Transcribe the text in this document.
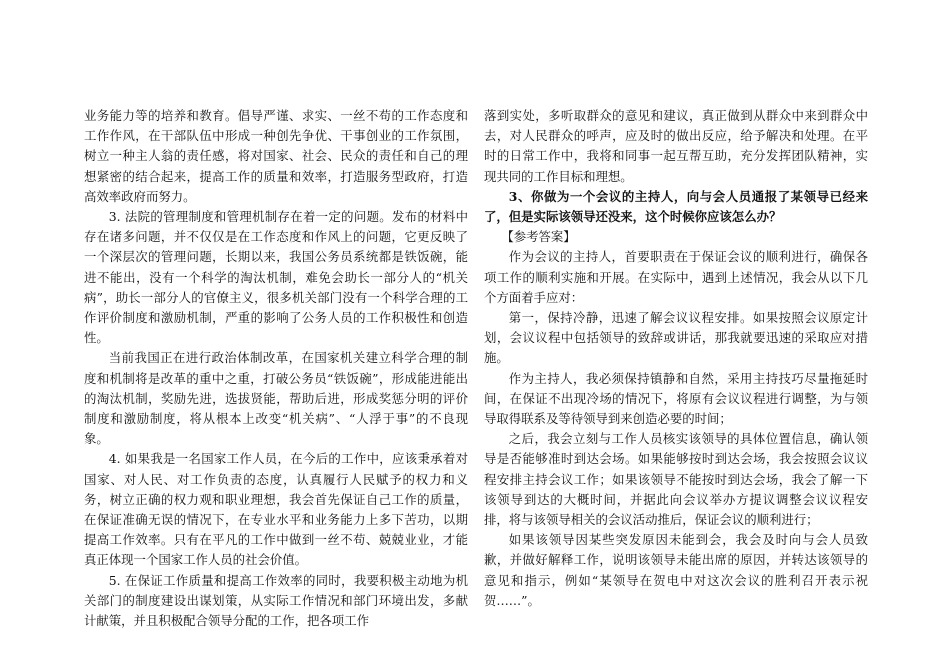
业务能力等的培养和教育。倡导严谨、求实、一丝不苟的工作态度和工作作风，在干部队伍中形成一种创先争优、干事创业的工作氛围，树立一种主人翁的责任感，将对国家、社会、民众的责任和自己的理想紧密的结合起来，提高工作的质量和效率，打造服务型政府，打造高效率政府而努力。

3. 法院的管理制度和管理机制存在着一定的问题。发布的材料中存在诸多问题，并不仅仅是在工作态度和作风上的问题，它更反映了一个深层次的管理问题，长期以来，我国公务员系统都是铁饭碗，能进不能出，没有一个科学的淘汰机制，难免会助长一部分人的“机关病”，助长一部分人的官僚主义，很多机关部门没有一个科学合理的工作评价制度和激励机制，严重的影响了公务人员的工作积极性和创造性。

当前我国正在进行政治体制改革，在国家机关建立科学合理的制度和机制将是改革的重中之重，打破公务员“铁饭碗”，形成能进能出的淘汰机制，奖励先进，选拔贤能，帮助后进，形成奖惩分明的评价制度和激励制度，将从根本上改变“机关病”、“人浮于事”的不良现象。

4. 如果我是一名国家工作人员，在今后的工作中，应该秉承着对国家、对人民、对工作负责的态度，认真履行人民赋予的权力和义务，树立正确的权力观和职业理想，我会首先保证自己工作的质量，在保证准确无误的情况下，在专业水平和业务能力上多下苦功，以期提高工作效率。只有在平凡的工作中做到一丝不苟、兢兢业业，才能真正体现一个国家工作人员的社会价值。

5. 在保证工作质量和提高工作效率的同时，我要积极主动地为机关部门的制度建设出谋划策，从实际工作情况和部门环境出发，多献计献策，并且积极配合领导分配的工作，把各项工作

落到实处，多听取群众的意见和建议，真正做到从群众中来到群众中去，对人民群众的呼声，应及时的做出反应，给予解决和处理。在平时的日常工作中，我将和同事一起互帮互助，充分发挥团队精神，实现共同的工作目标和理想。

3、你做为一个会议的主持人，向与会人员通报了某领导已经来了，但是实际该领导还没来，这个时候你应该怎么办？

【参考答案】

作为会议的主持人，首要职责在于保证会议的顺利进行，确保各项工作的顺利实施和开展。在实际中，遇到上述情况，我会从以下几个方面着手应对：

第一，保持冷静，迅速了解会议议程安排。如果按照会议原定计划，会议议程中包括领导的致辞或讲话，那我就要迅速的采取应对措施。

作为主持人，我必须保持镇静和自然，采用主持技巧尽量拖延时间，在保证不出现冷场的情况下，将原有会议议程进行调整，为与领导取得联系及等待领导到来创造必要的时间；

之后，我会立刻与工作人员核实该领导的具体位置信息，确认领导是否能够准时到达会场。如果能够按时到达会场，我会按照会议议程安排主持会议工作；如果该领导不能按时到达会场，我会了解一下该领导到达的大概时间，并据此向会议举办方提议调整会议议程安排，将与该领导相关的会议活动推后，保证会议的顺利进行；

如果该领导因某些突发原因未能到会，我会及时向与会人员致歉，并做好解释工作，说明该领导未能出席的原因，并转达该领导的意见和指示，例如“某领导在贺电中对这次会议的胜利召开表示祝贺……”。
